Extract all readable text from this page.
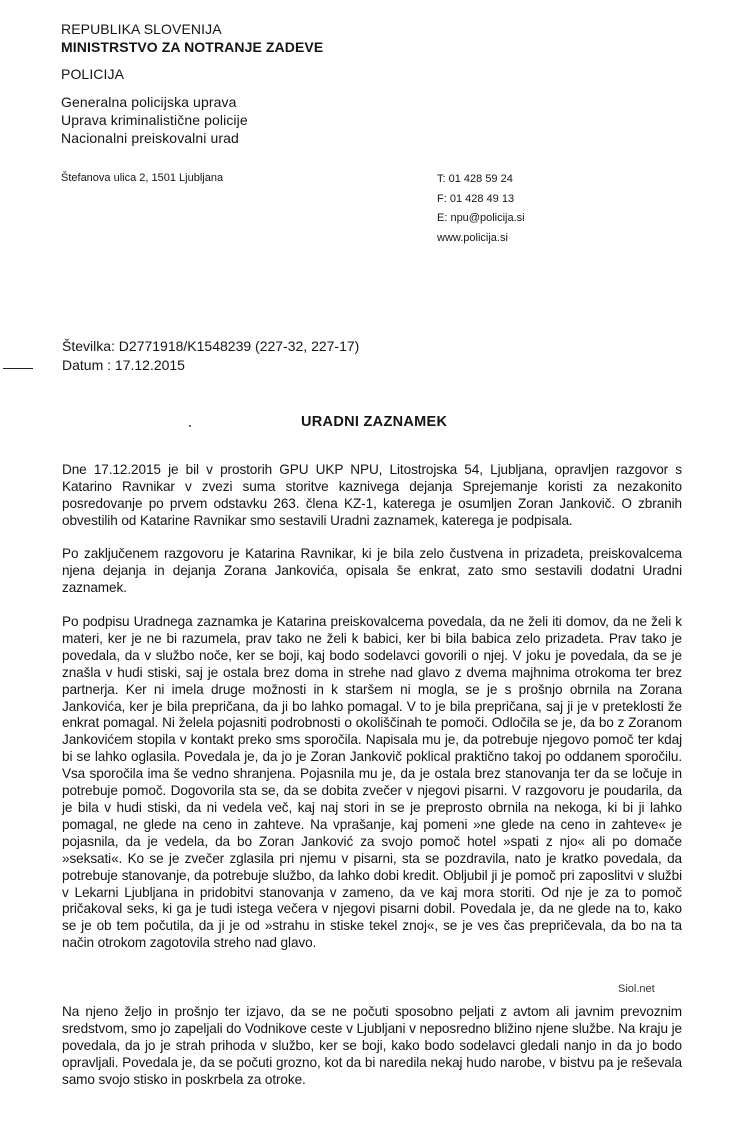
REPUBLIKA SLOVENIJA
MINISTRSTVO ZA NOTRANJE ZADEVE
POLICIJA
Generalna policijska uprava
Uprava kriminalistične policije
Nacionalni preiskovalni urad
Štefanova ulica 2, 1501 Ljubljana	T: 01 428 59 24
F: 01 428 49 13
E: npu@policija.si
www.policija.si
Številka: D2771918/K1548239 (227-32, 227-17)
Datum : 17.12.2015
URADNI ZAZNAMEK
Dne 17.12.2015 je bil v prostorih GPU UKP NPU, Litostrojska 54, Ljubljana, opravljen razgovor s Katarino Ravnikar v zvezi suma storitve kaznivega dejanja Sprejemanje koristi za nezakonito posredovanje po prvem odstavku 263. člena KZ-1, katerega je osumljen Zoran Jankovič. O zbranih obvestilih od Katarine Ravnikar smo sestavili Uradni zaznamek, katerega je podpisala.
Po zaključenem razgovoru je Katarina Ravnikar, ki je bila zelo čustvena in prizadeta, preiskovalcema njena dejanja in dejanja Zorana Jankovića, opisala še enkrat, zato smo sestavili dodatni Uradni zaznamek.
Po podpisu Uradnega zaznamka je Katarina preiskovalcema povedala, da ne želi iti domov, da ne želi k materi, ker je ne bi razumela, prav tako ne želi k babici, ker bi bila babica zelo prizadeta. Prav tako je povedala, da v službo noče, ker se boji, kaj bodo sodelavci govorili o njej. V joku je povedala, da se je znašla v hudi stiski, saj je ostala brez doma in strehe nad glavo z dvema majhnima otrokoma ter brez partnerja. Ker ni imela druge možnosti in k staršem ni mogla, se je s prošnjo obrnila na Zorana Jankovića, ker je bila prepričana, da ji bo lahko pomagal. V to je bila prepričana, saj ji je v preteklosti že enkrat pomagal. Ni želela pojasniti podrobnosti o okoliščinah te pomoči. Odločila se je, da bo z Zoranom Jankovićem stopila v kontakt preko sms sporočila. Napisala mu je, da potrebuje njegovo pomoč ter kdaj bi se lahko oglasila. Povedala je, da jo je Zoran Jankovič poklical praktično takoj po oddanem sporočilu. Vsa sporočila ima še vedno shranjena. Pojasnila mu je, da je ostala brez stanovanja ter da se ločuje in potrebuje pomoč. Dogovorila sta se, da se dobita zvečer v njegovi pisarni. V razgovoru je poudarila, da je bila v hudi stiski, da ni vedela več, kaj naj stori in se je preprosto obrnila na nekoga, ki bi ji lahko pomagal, ne glede na ceno in zahteve. Na vprašanje, kaj pomeni »ne glede na ceno in zahteve« je pojasnila, da je vedela, da bo Zoran Janković za svojo pomoč hotel »spati z njo« ali po domače »seksati«. Ko se je zvečer zglasila pri njemu v pisarni, sta se pozdravila, nato je kratko povedala, da potrebuje stanovanje, da potrebuje službo, da lahko dobi kredit. Obljubil ji je pomoč pri zaposlitvi v službi v Lekarni Ljubljana in pridobitvi stanovanja v zameno, da ve kaj mora storiti. Od nje je za to pomoč pričakoval seks, ki ga je tudi istega večera v njegovi pisarni dobil. Povedala je, da ne glede na to, kako se je ob tem počutila, da ji je od »strahu in stiske tekel znoj«, se je ves čas prepričevala, da bo na ta način otrokom zagotovila streho nad glavo.
Siol.net
Na njeno željo in prošnjo ter izjavo, da se ne počuti sposobno peljati z avtom ali javnim prevoznim sredstvom, smo jo zapeljali do Vodnikove ceste v Ljubljani v neposredno bližino njene službe. Na kraju je povedala, da jo je strah prihoda v službo, ker se boji, kako bodo sodelavci gledali nanjo in da jo bodo opravljali. Povedala je, da se počuti grozno, kot da bi naredila nekaj hudo narobe, v bistvu pa je reševala samo svojo stisko in poskrbela za otroke.
